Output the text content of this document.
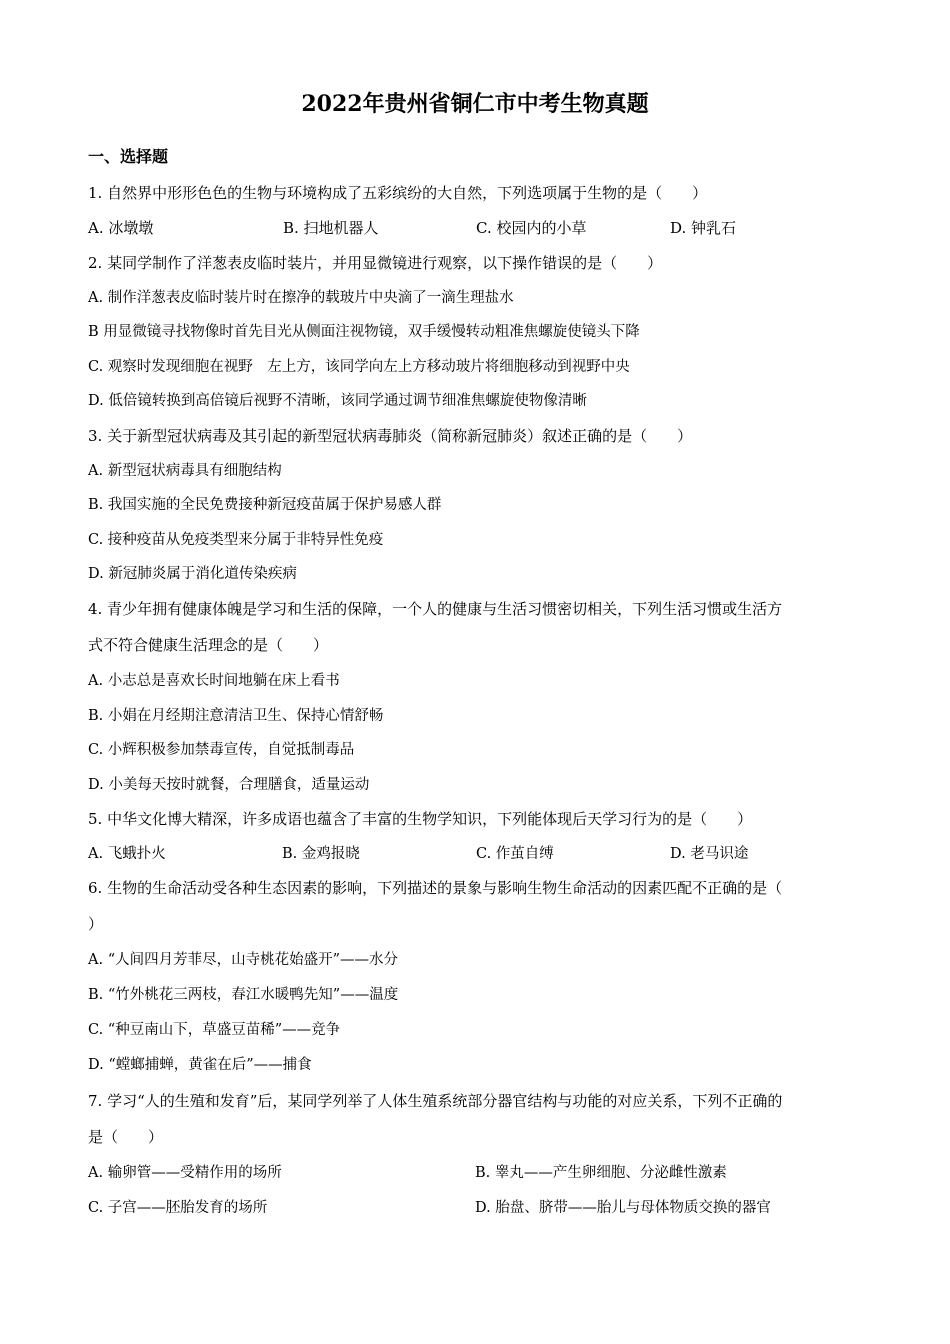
2022年贵州省铜仁市中考生物真题
一、选择题
1. 自然界中形形色色的生物与环境构成了五彩缤纷的大自然，下列选项属于生物的是（　　）
A. 冰墩墩	B. 扫地机器人	C. 校园内的小草	D. 钟乳石
2. 某同学制作了洋葱表皮临时装片，并用显微镜进行观察，以下操作错误的是（　　）
A. 制作洋葱表皮临时装片时在擦净的载玻片中央滴了一滴生理盐水
B 用显微镜寻找物像时首先目光从侧面注视物镜，双手缓慢转动粗准焦螺旋使镜头下降
C. 观察时发现细胞在视野　左上方，该同学向左上方移动玻片将细胞移动到视野中央
D. 低倍镜转换到高倍镜后视野不清晰，该同学通过调节细准焦螺旋使物像清晰
3. 关于新型冠状病毒及其引起的新型冠状病毒肺炎（简称新冠肺炎）叙述正确的是（　　）
A. 新型冠状病毒具有细胞结构
B. 我国实施的全民免费接种新冠疫苗属于保护易感人群
C. 接种疫苗从免疫类型来分属于非特异性免疫
D. 新冠肺炎属于消化道传染疾病
4. 青少年拥有健康体魄是学习和生活的保障，一个人的健康与生活习惯密切相关，下列生活习惯或生活方
式不符合健康生活理念的是（　　）
A. 小志总是喜欢长时间地躺在床上看书
B. 小娟在月经期注意清洁卫生、保持心情舒畅
C. 小辉积极参加禁毒宣传，自觉抵制毒品
D. 小美每天按时就餐，合理膳食，适量运动
5. 中华文化博大精深，许多成语也蕴含了丰富的生物学知识，下列能体现后天学习行为的是（　　）
A. 飞蛾扑火	B. 金鸡报晓	C. 作茧自缚	D. 老马识途
6. 生物的生命活动受各种生态因素的影响，下列描述的景象与影响生物生命活动的因素匹配不正确的是（
）
A. “人间四月芳菲尽，山寺桃花始盛开”——水分
B. “竹外桃花三两枝，春江水暖鸭先知”——温度
C. “种豆南山下，草盛豆苗稀”——竞争
D. “螳螂捕蝉，黄雀在后”——捕食
7. 学习“人的生殖和发育”后，某同学列举了人体生殖系统部分器官结构与功能的对应关系，下列不正确的
是（　　）
A. 输卵管——受精作用的场所	B. 睾丸——产生卵细胞、分泌雌性激素
C. 子宫——胚胎发育的场所	D. 胎盘、脐带——胎儿与母体物质交换的器官
